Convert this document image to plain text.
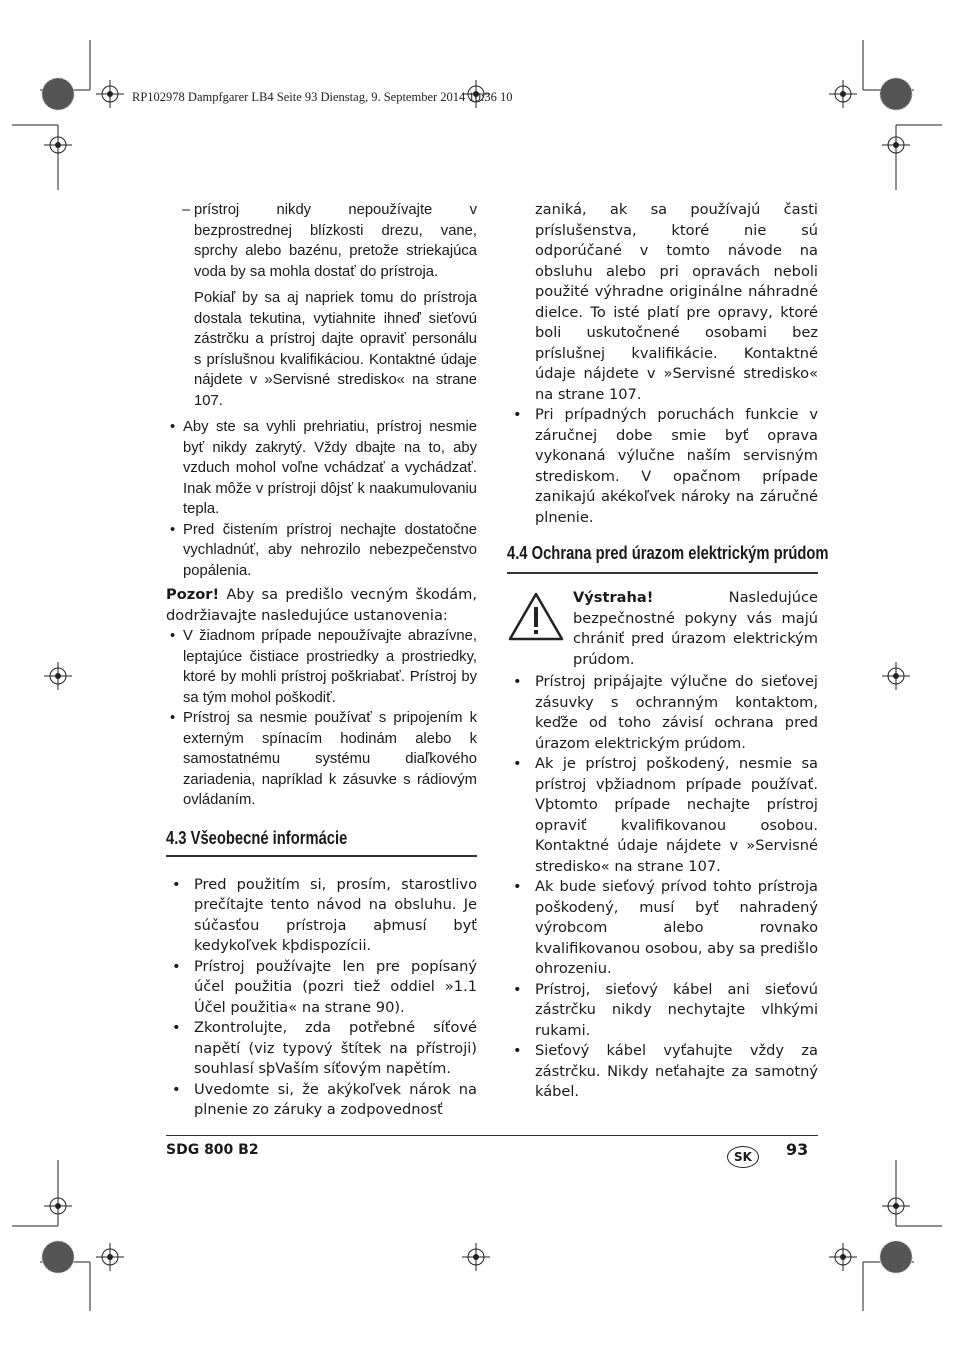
RP102978 Dampfgarer LB4 Seite 93 Dienstag, 9. September 2014 10:36 10
– prístroj nikdy nepoužívajte v bezprostrednej blízkosti drezu, vane, sprchy alebo bazénu, pretože striekajúca voda by sa mohla dostať do prístroja.

Pokiaľ by sa aj napriek tomu do prístroja dostala tekutina, vytiahnite ihneď sieťovú zástrčku a prístroj dajte opraviť personálu s príslušnou kvalifikáciou. Kontaktné údaje nájdete v »Servisné stredisko« na strane 107.

• Aby ste sa vyhli prehriatiu, prístroj nesmie byť nikdy zakrytý. Vždy dbajte na to, aby vzduch mohol voľne vchádzať a vychádzať. Inak môže v prístroji dôjsť k naakumulovaniu tepla.
• Pred čistením prístroj nechajte dostatočne vychladnúť, aby nehrozilo nebezpečenstvo popálenia.

Pozor! Aby sa predišlo vecným škodám, dodržiavajte nasledujúce ustanovenia:

• V žiadnom prípade nepoužívajte abrazívne, leptajúce čistiace prostriedky a prostriedky, ktoré by mohli prístroj poškriabať. Prístroj by sa tým mohol poškodiť.
• Prístroj sa nesmie používať s pripojením k externým spínacím hodinám alebo k samostatnému systému diaľkového zariadenia, napríklad k zásuvke s rádiovým ovládaním.
4.3 Všeobecné informácie
• Pred použitím si, prosím, starostlivo prečítajte tento návod na obsluhu. Je súčasťou prístroja aþmusí byť kedykoľvek kþdispozícii.
• Prístroj používajte len pre popísaný účel použitia (pozri tiež oddiel »1.1 Účel použitia« na strane 90).
• Zkontrolujte, zda potřebné síťové napětí (viz typový štítek na přístroji) souhlasí sþVaším síťovým napětím.
• Uvedomte si, že akýkoľvek nárok na plnenie zo záruky a zodpovednosť

zaniká, ak sa používajú časti príslušenstva, ktoré nie sú odporúčané v tomto návode na obsluhu alebo pri opravách neboli použité výhradne originálne náhradné dielce. To isté platí pre opravy, ktoré boli uskutočnené osobami bez príslušnej kvalifikácie. Kontaktné údaje nájdete v »Servisné stredisko« na strane 107.

• Pri prípadných poruchách funkcie v záručnej dobe smie byť oprava vykonaná výlučne naším servisným strediskom. V opačnom prípade zanikajú akékoľvek nároky na záručné plnenie.
4.4 Ochrana pred úrazom elektrickým prúdom

Výstraha! Nasledujúce bezpečnostné pokyny vás majú chrániť pred úrazom elektrickým prúdom.

• Prístroj pripájajte výlučne do sieťovej zásuvky s ochranným kontaktom, keďže od toho závisí ochrana pred úrazom elektrickým prúdom.
• Ak je prístroj poškodený, nesmie sa prístroj vþžiadnom prípade používať. Vþtomto prípade nechajte prístroj opraviť kvalifikovanou osobou. Kontaktné údaje nájdete v »Servisné stredisko« na strane 107.
• Ak bude sieťový prívod tohto prístroja poškodený, musí byť nahradený výrobcom alebo rovnako kvalifikovanou osobou, aby sa predišlo ohrozeniu.
• Prístroj, sieťový kábel ani sieťovú zástrčku nikdy nechytajte vlhkými rukami.
• Sieťový kábel vyťahujte vždy za zástrčku. Nikdy neťahajte za samotný kábel.
SDG 800 B2	SK	93
